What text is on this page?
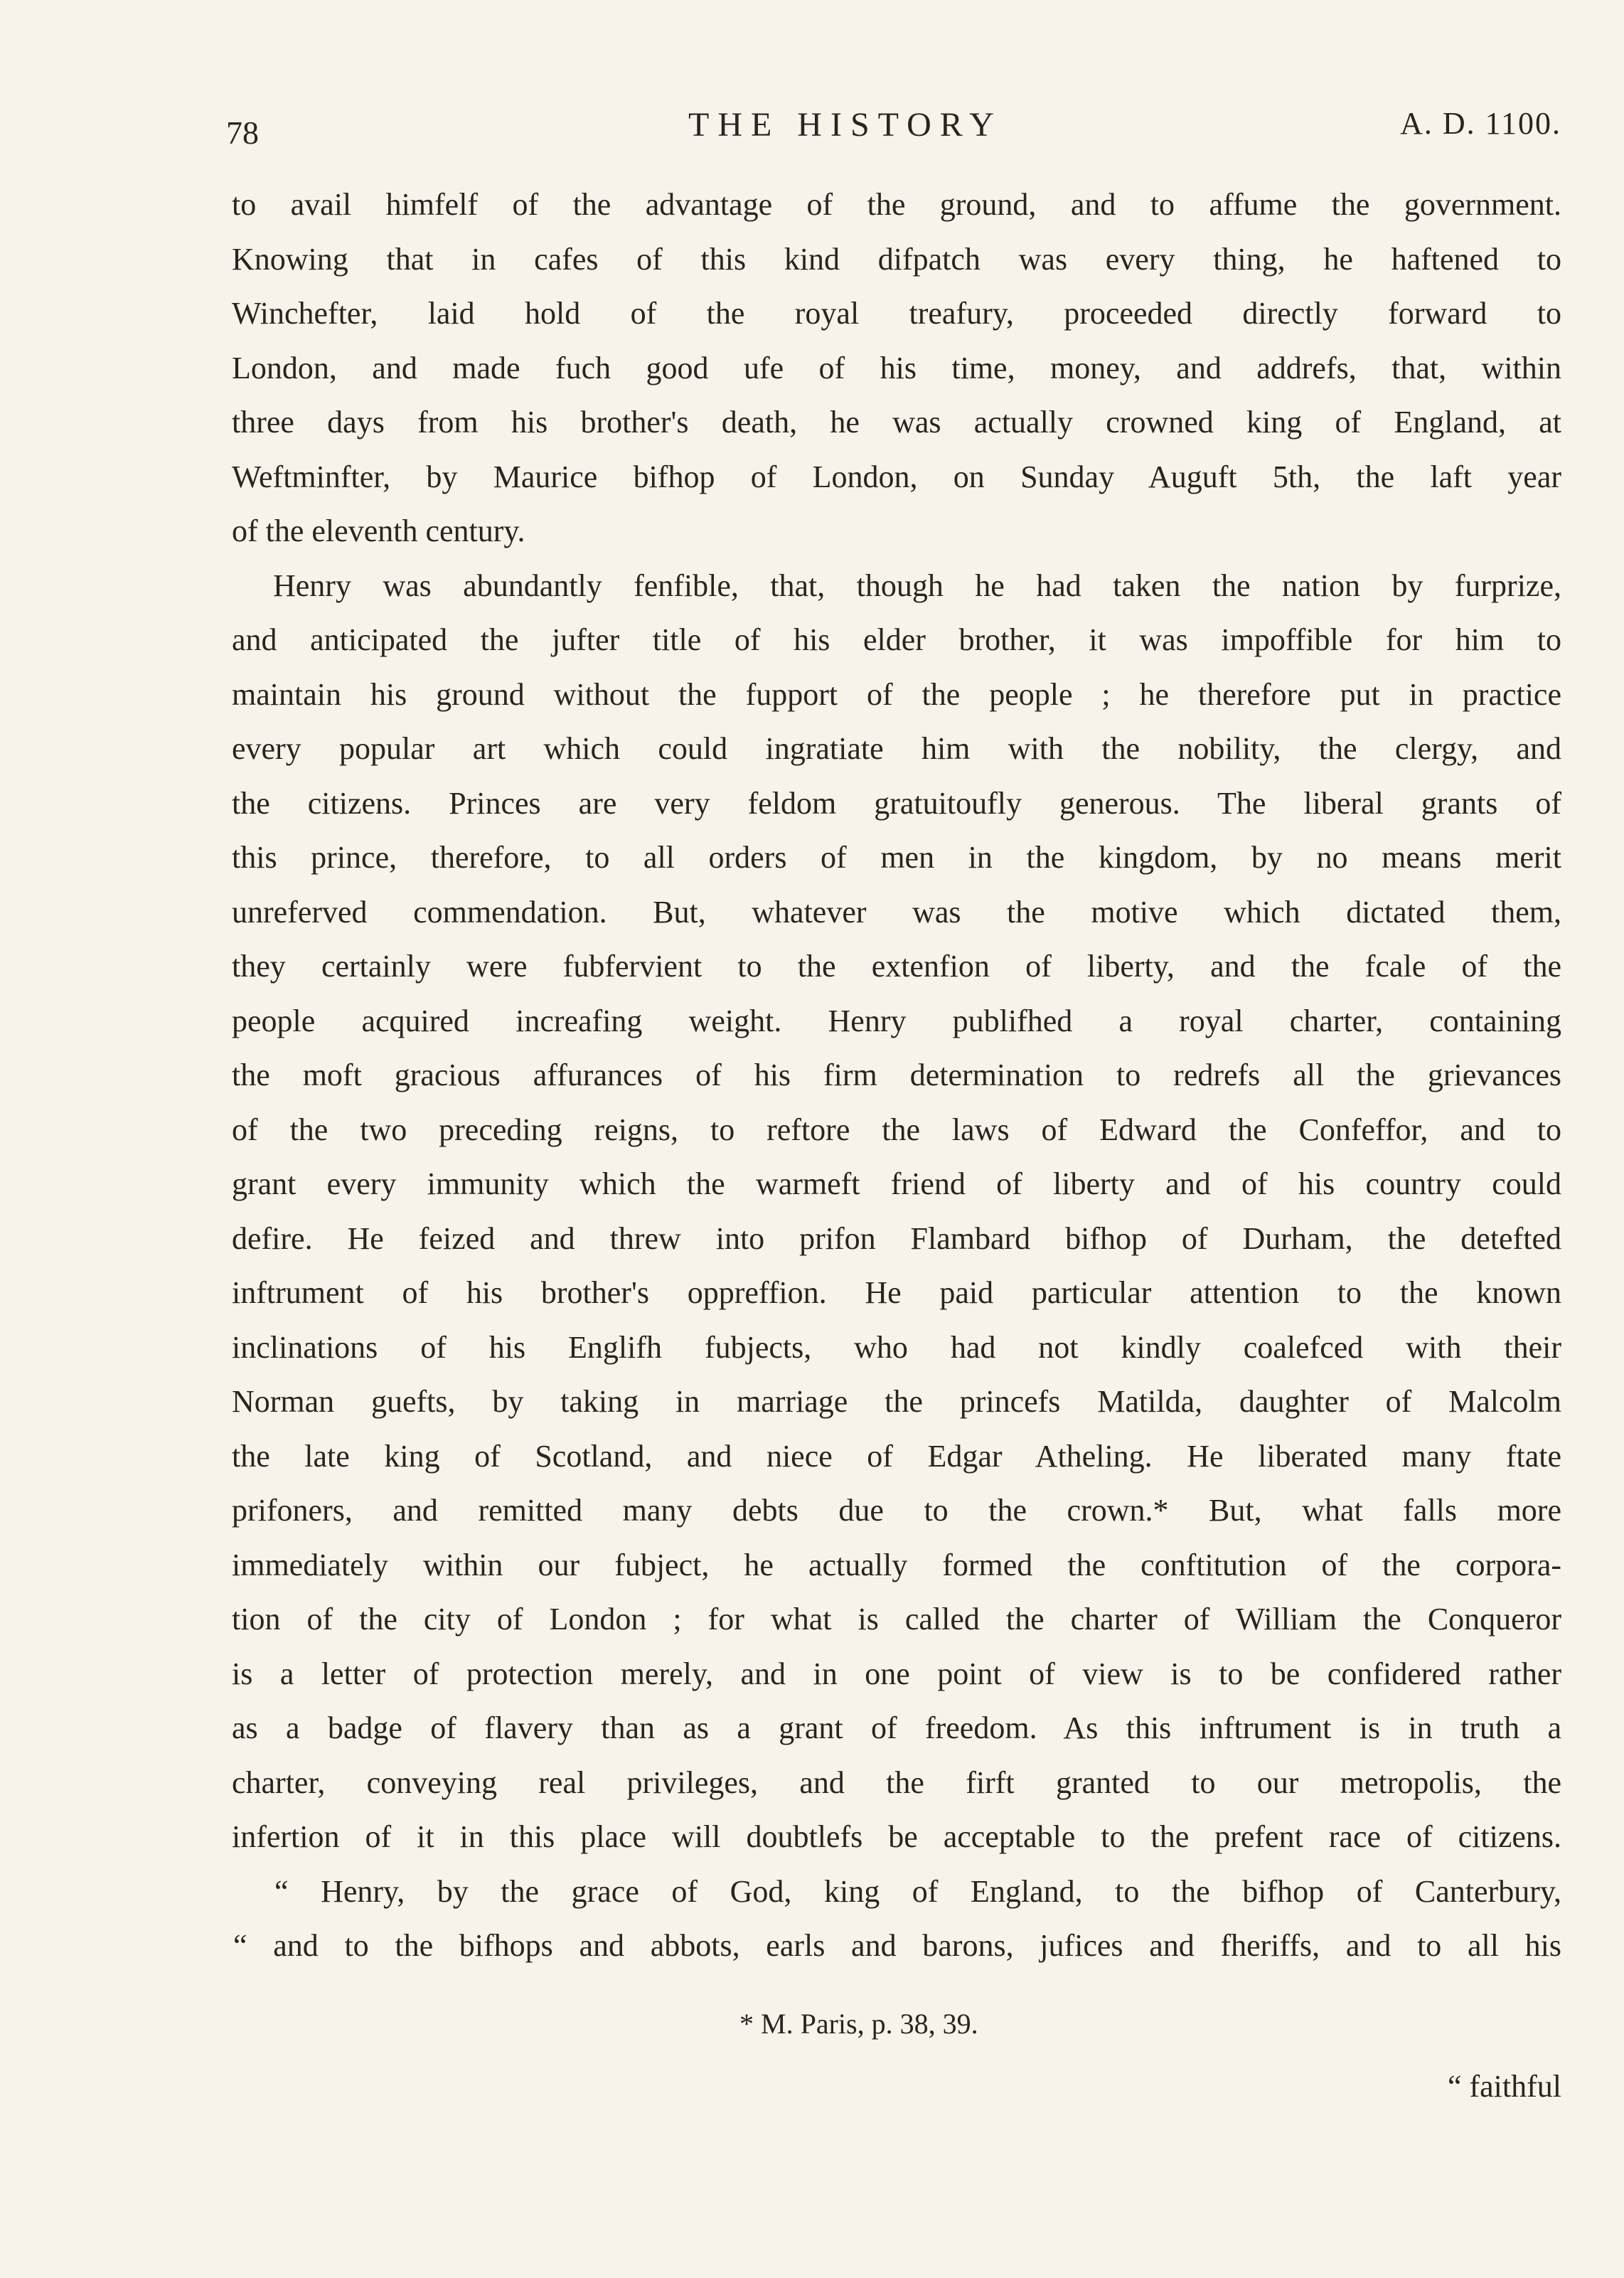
78	THE HISTORY	A. D. 1100.
to avail himfelf of the advantage of the ground, and to affume the government.
Knowing that in cafes of this kind difpatch was every thing, he haftened to
Winchefter, laid hold of the royal treafury, proceeded directly forward to
London, and made fuch good ufe of his time, money, and addrefs, that, within
three days from his brother's death, he was actually crowned king of England, at
Weftminfter, by Maurice bifhop of London, on Sunday Auguft 5th, the laft year
of the eleventh century.
Henry was abundantly fenfible, that, though he had taken the nation by furprize,
and anticipated the jufter title of his elder brother, it was impoffible for him to
maintain his ground without the fupport of the people ; he therefore put in practice
every popular art which could ingratiate him with the nobility, the clergy, and
the citizens. Princes are very feldom gratuitoufly generous. The liberal grants of
this prince, therefore, to all orders of men in the kingdom, by no means merit
unreferved commendation. But, whatever was the motive which dictated them,
they certainly were fubfervient to the extenfion of liberty, and the fcale of the
people acquired increafing weight. Henry publifhed a royal charter, containing
the moft gracious affurances of his firm determination to redrefs all the grievances
of the two preceding reigns, to reftore the laws of Edward the Confeffor, and to
grant every immunity which the warmeft friend of liberty and of his country could
defire. He feized and threw into prifon Flambard bifhop of Durham, the detefted
inftrument of his brother's oppreffion. He paid particular attention to the known
inclinations of his Englifh fubjects, who had not kindly coalefced with their
Norman guefts, by taking in marriage the princefs Matilda, daughter of Malcolm
the late king of Scotland, and niece of Edgar Atheling. He liberated many ftate
prifoners, and remitted many debts due to the crown.* But, what falls more
immediately within our fubject, he actually formed the conftitution of the corpora-
tion of the city of London ; for what is called the charter of William the Conqueror
is a letter of protection merely, and in one point of view is to be confidered rather
as a badge of flavery than as a grant of freedom. As this inftrument is in truth a
charter, conveying real privileges, and the firft granted to our metropolis, the
infertion of it in this place will doubtlefs be acceptable to the prefent race of citizens.
“ Henry, by the grace of God, king of England, to the bifhop of Canterbury,
“ and to the bifhops and abbots, earls and barons, jufices and fheriffs, and to all his
* M. Paris, p. 38, 39.
“ faithful
